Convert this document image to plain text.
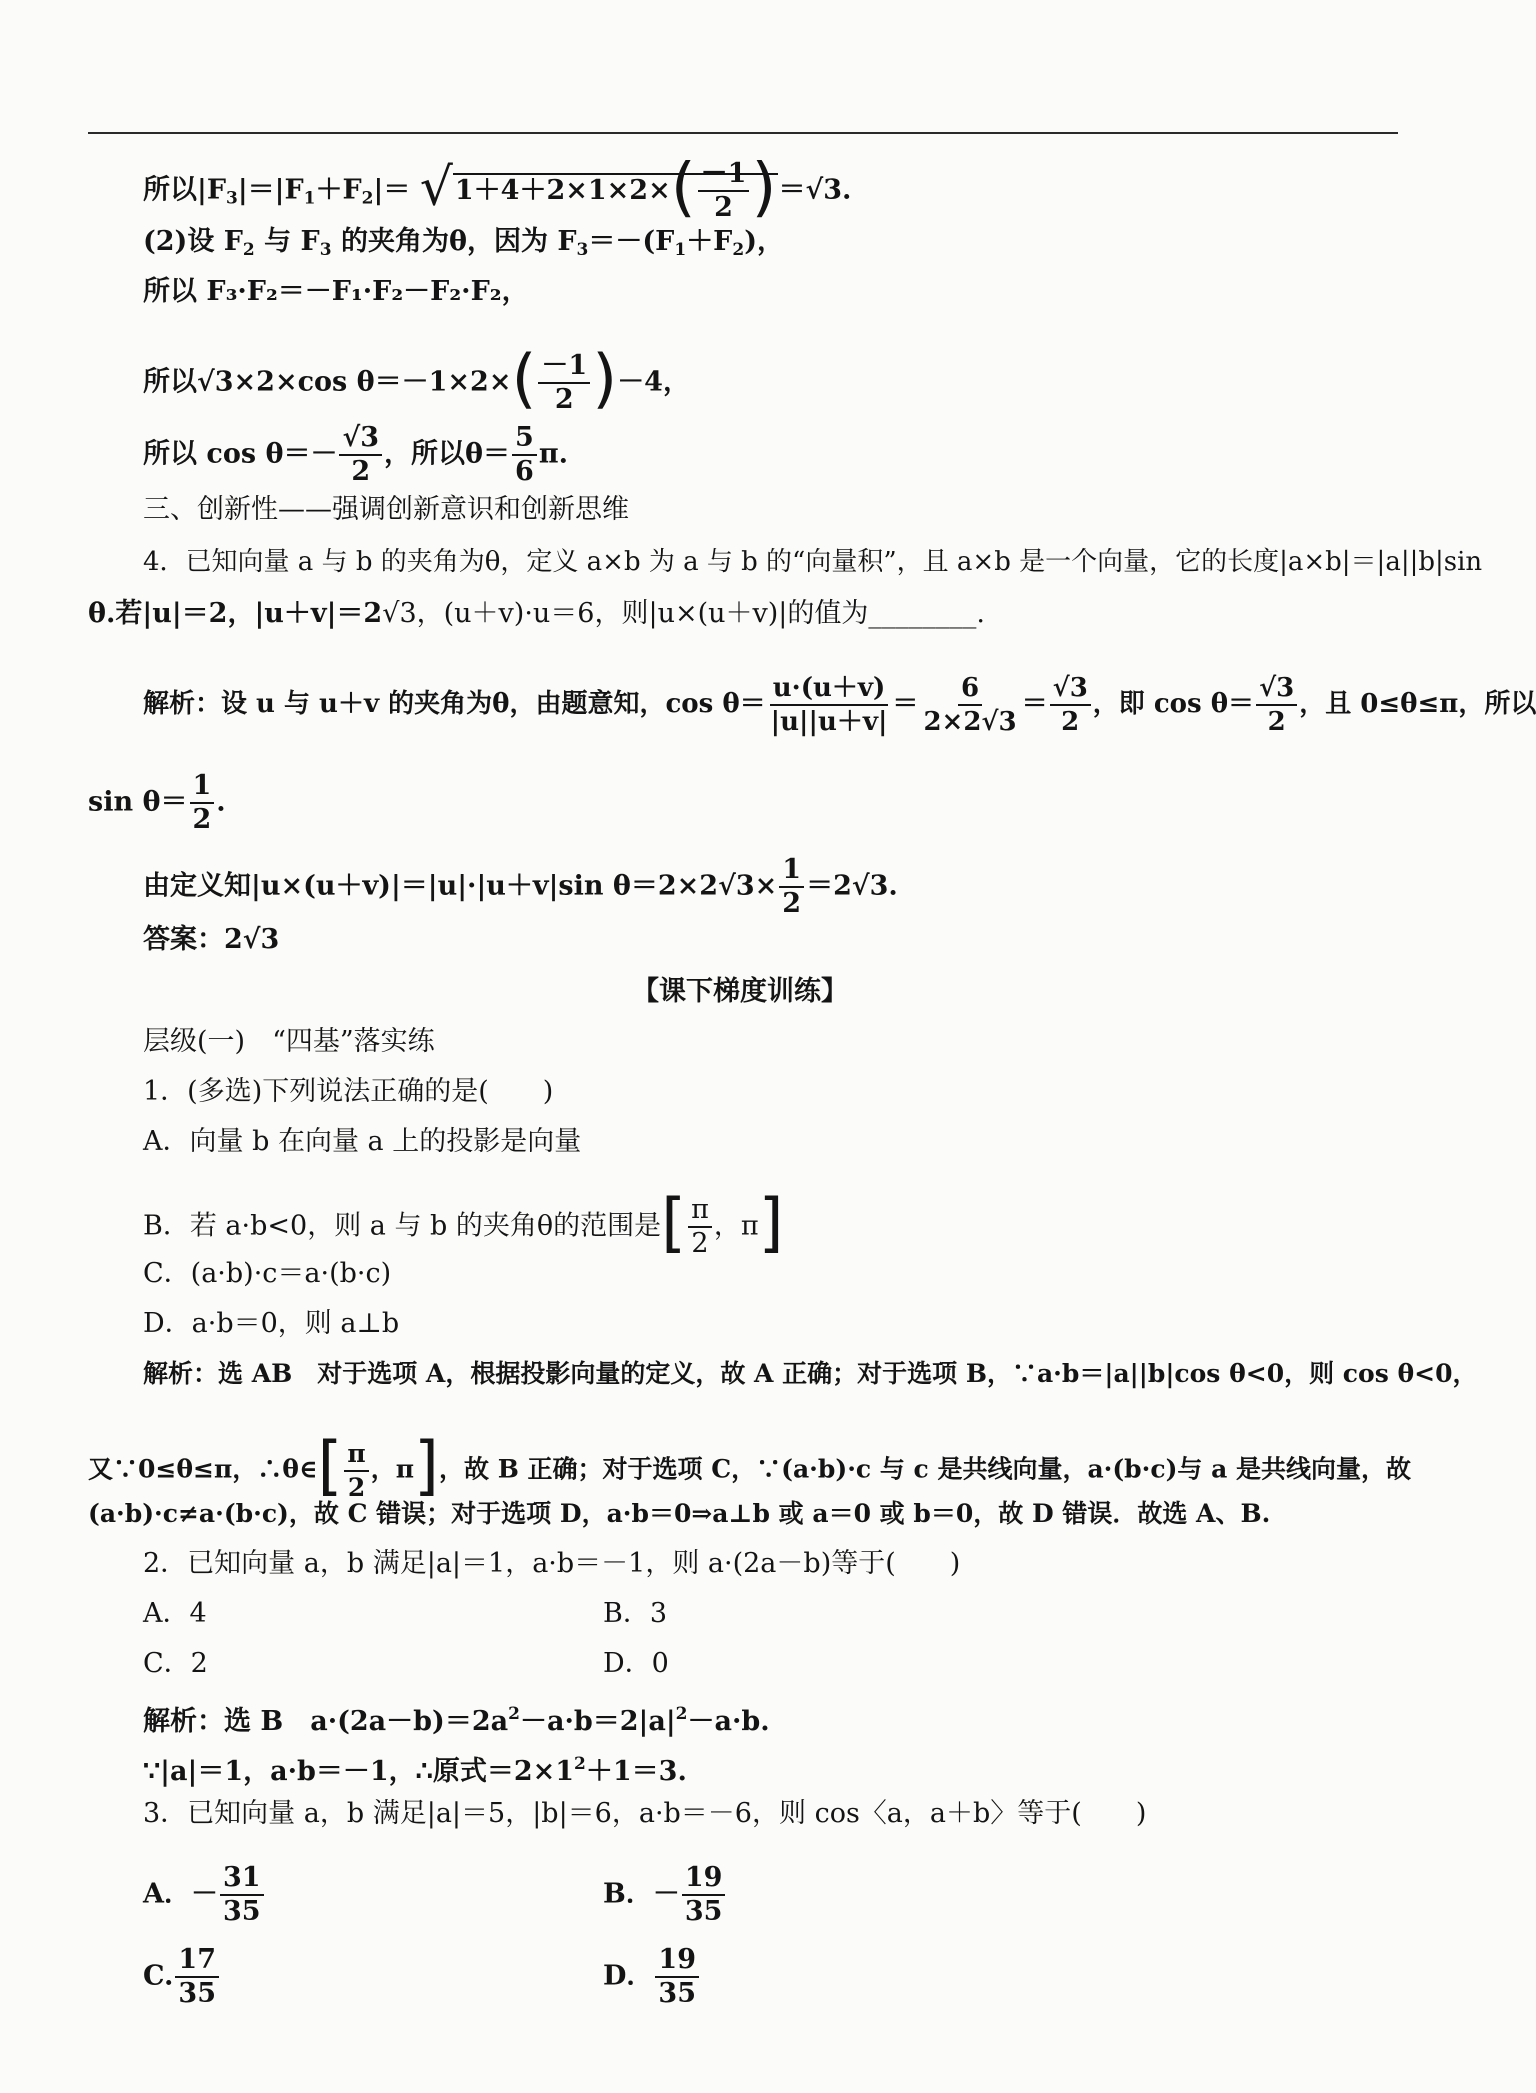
所以$|F_3|=|F_1+F_2|= √1+4+2\times 1\times 2\times( \frac{-1}{2} )=√3$.
(2)设 $F_2$ 与 $F_3$ 的夹角为θ，因为 $F_3=-(F_1+F_2)$，
所以 F₃·F₂＝－F₁·F₂－F₂·F₂，
所以√3×2×cos $\theta=-1\times 2\times( \frac{-1}{2} )-4$，
所以 $\cos \theta=- \frac{√3}{2}$ ，所以$\theta= \frac{5}{6} \pi$.
三、创新性——强调创新意识和创新思维
4．已知向量 a 与 b 的夹角为θ，定义 a×b 为 a 与 b 的“向量积”，且 a×b 是一个向量，它的长度|a×b|＝|a||b|sin
θ.若|u|＝2，|u＋v|＝2√3，(u＋v)·u＝6，则|u×(u＋v)|的值为________.
解析：设 u 与 u＋v 的夹角为θ，由题意知，$\cos \theta= \frac{u\cdot(u+v)}{|u||u+v|} = \frac{6}{2\times 2√3} = \frac{√3}{2}$ ，即 $\cos \theta= \frac{√3}{2}$ ，且 0≤θ≤π，所以
$\sin \theta= \frac{1}{2}$ .
由定义知|u×(u＋v)|＝|u|·|u＋v|sin $\theta=2\times 2√3\times \frac{1}{2} =2√3$.
答案：2√3
【课下梯度训练】
层级(一)　“四基”落实练
1．(多选)下列说法正确的是(　　)
A．向量 b 在向量 a 上的投影是向量
B．若 a·b<0，则 a 与 b 的夹角θ的范围是[ $\frac{\pi}{2}$ ，π]
C．(a·b)·c＝a·(b·c)
D．a·b＝0，则 a⊥b
解析：选 AB　对于选项 A，根据投影向量的定义，故 A 正确；对于选项 B，∵a·b＝|a||b|cos θ<0，则 cos θ<0，
又∵0≤θ≤π，∴θ∈[ $\frac{\pi}{2}$ ，π]，故 B 正确；对于选项 C，∵(a·b)·c 与 c 是共线向量，a·(b·c)与 a 是共线向量，故
(a·b)·c≠a·(b·c)，故 C 错误；对于选项 D，a·b＝0⇒a⊥b 或 a＝0 或 b＝0，故 D 错误．故选 A、B.
2．已知向量 a，b 满足|a|＝1，a·b＝－1，则 a·(2a－b)等于(　　)
A．4	B．3
C．2	D．0
解析：选 B　$a\cdot(2a-b)=2a^2-a\cdot b=2|a|^2-a\cdot b$.
∵|a|＝1，a·b＝－1，∴原式$=2\times 1^2+1=3$.
3．已知向量 a，b 满足|a|＝5，|b|＝6，a·b＝－6，则 cos〈a，a＋b〉等于(　　)
A．－ $\frac{31}{35}$	B．－ $\frac{19}{35}$
C. $\frac{17}{35}$	D． $\frac{19}{35}$
